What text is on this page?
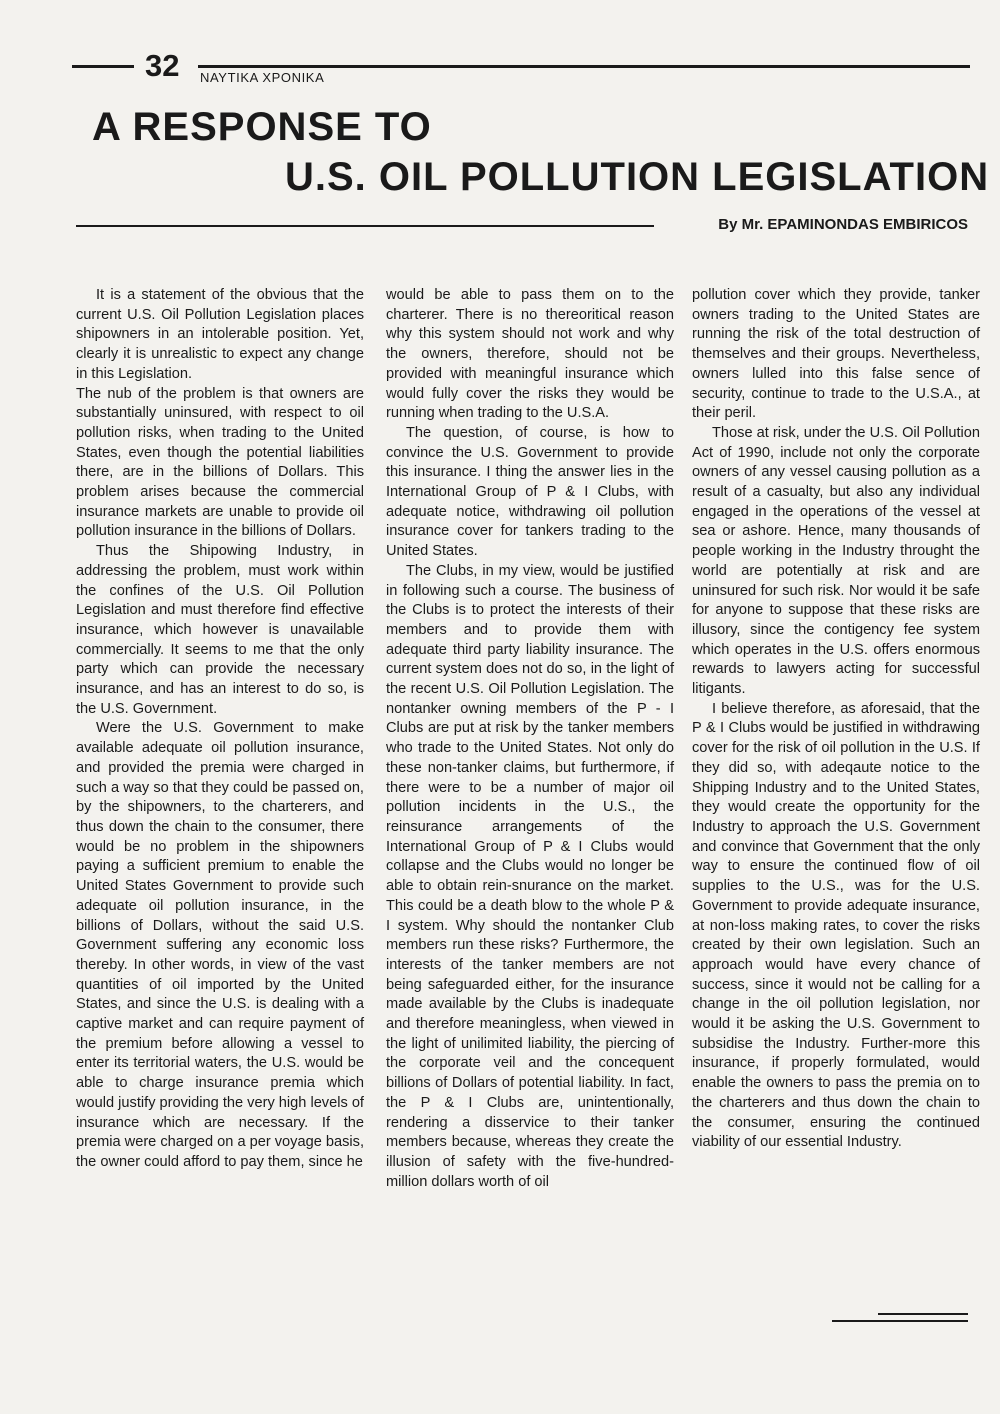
32 ΝΑΥΤΙΚΑ ΧΡΟΝΙΚΑ
A RESPONSE TO
U.S. OIL POLLUTION LEGISLATION
By Mr. EPAMINONDAS EMBIRICOS

It is a statement of the obvious that the current U.S. Oil Pollution Legislation places shipowners in an intolerable position. Yet, clearly it is unrealistic to expect any change in this Legislation.

The nub of the problem is that owners are substantially uninsured, with respect to oil pollution risks, when trading to the United States, even though the potential liabilities there, are in the billions of Dollars. This problem arises because the commercial insurance markets are unable to provide oil pollution insurance in the billions of Dollars.

Thus the Shipowing Industry, in addressing the problem, must work within the confines of the U.S. Oil Pollution Legislation and must therefore find effective insurance, which however is unavailable commercially. It seems to me that the only party which can provide the necessary insurance, and has an interest to do so, is the U.S. Government.

Were the U.S. Government to make available adequate oil pollution insurance, and provided the premia were charged in such a way so that they could be passed on, by the shipowners, to the charterers, and thus down the chain to the consumer, there would be no problem in the shipowners paying a sufficient premium to enable the United States Government to provide such adequate oil pollution insurance, in the billions of Dollars, without the said U.S. Government suffering any economic loss thereby. In other words, in view of the vast quantities of oil imported by the United States, and since the U.S. is dealing with a captive market and can require payment of the premium before allowing a vessel to enter its territorial waters, the U.S. would be able to charge insurance premia which would justify providing the very high levels of insurance which are necessary. If the premia were charged on a per voyage basis, the owner could afford to pay them, since he

would be able to pass them on to the charterer. There is no thereoritical reason why this system should not work and why the owners, therefore, should not be provided with meaningful insurance which would fully cover the risks they would be running when trading to the U.S.A.

The question, of course, is how to convince the U.S. Government to provide this insurance. I thing the answer lies in the International Group of P & I Clubs, with adequate notice, withdrawing oil pollution insurance cover for tankers trading to the United States.

The Clubs, in my view, would be justified in following such a course. The business of the Clubs is to protect the interests of their members and to provide them with adequate third party liability insurance. The current system does not do so, in the light of the recent U.S. Oil Pollution Legislation. The nontanker owning members of the P - I Clubs are put at risk by the tanker members who trade to the United States. Not only do these non-tanker claims, but furthermore, if there were to be a number of major oil pollution incidents in the U.S., the reinsurance arrangements of the International Group of P & I Clubs would collapse and the Clubs would no longer be able to obtain rein-snurance on the market. This could be a death blow to the whole P & I system. Why should the nontanker Club members run these risks? Furthermore, the interests of the tanker members are not being safeguarded either, for the insurance made available by the Clubs is inadequate and therefore meaningless, when viewed in the light of unilimited liability, the piercing of the corporate veil and the concequent billions of Dollars of potential liability. In fact, the P & I Clubs are, unintentionally, rendering a disservice to their tanker members because, whereas they create the illusion of safety with the five-hundred-million dollars worth of oil

pollution cover which they provide, tanker owners trading to the United States are running the risk of the total destruction of themselves and their groups. Nevertheless, owners lulled into this false sence of security, continue to trade to the U.S.A., at their peril.

Those at risk, under the U.S. Oil Pollution Act of 1990, include not only the corporate owners of any vessel causing pollution as a result of a casualty, but also any individual engaged in the operations of the vessel at sea or ashore. Hence, many thousands of people working in the Industry throught the world are potentially at risk and are uninsured for such risk. Nor would it be safe for anyone to suppose that these risks are illusory, since the contigency fee system which operates in the U.S. offers enormous rewards to lawyers acting for successful litigants.

I believe therefore, as aforesaid, that the P & I Clubs would be justified in withdrawing cover for the risk of oil pollution in the U.S. If they did so, with adeqaute notice to the Shipping Industry and to the United States, they would create the opportunity for the Industry to approach the U.S. Government and convince that Government that the only way to ensure the continued flow of oil supplies to the U.S., was for the U.S. Government to provide adequate insurance, at non-loss making rates, to cover the risks created by their own legislation. Such an approach would have every chance of success, since it would not be calling for a change in the oil pollution legislation, nor would it be asking the U.S. Government to subsidise the Industry. Further-more this insurance, if properly formulated, would enable the owners to pass the premia on to the charterers and thus down the chain to the consumer, ensuring the continued viability of our essential Industry.
